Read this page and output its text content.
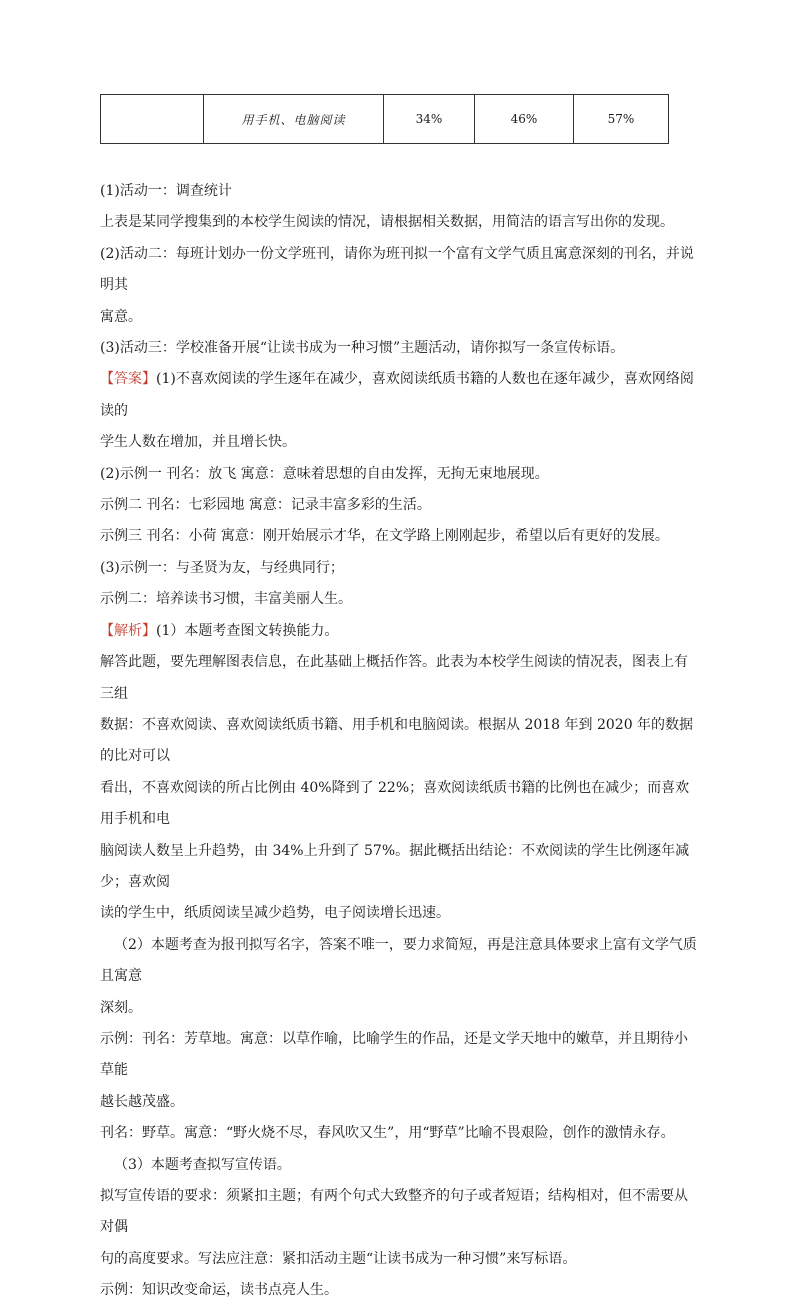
	用手机、电脑阅读	34%	46%	57%

(1)活动一：调查统计

上表是某同学搜集到的本校学生阅读的情况，请根据相关数据，用简洁的语言写出你的发现。

(2)活动二：每班计划办一份文学班刊，请你为班刊拟一个富有文学气质且寓意深刻的刊名，并说明其

寓意。

(3)活动三：学校准备开展“让读书成为一种习惯”主题活动，请你拟写一条宣传标语。

【答案】(1)不喜欢阅读的学生逐年在减少，喜欢阅读纸质书籍的人数也在逐年减少，喜欢网络阅读的

学生人数在增加，并且增长快。

(2)示例一 刊名：放飞 寓意：意味着思想的自由发挥，无拘无束地展现。

示例二 刊名：七彩园地 寓意：记录丰富多彩的生活。

示例三 刊名：小荷 寓意：刚开始展示才华，在文学路上刚刚起步，希望以后有更好的发展。

(3)示例一：与圣贤为友，与经典同行；

示例二：培养读书习惯，丰富美丽人生。

【解析】(1）本题考查图文转换能力。

解答此题，要先理解图表信息，在此基础上概括作答。此表为本校学生阅读的情况表，图表上有三组

数据：不喜欢阅读、喜欢阅读纸质书籍、用手机和电脑阅读。根据从 2018 年到 2020 年的数据的比对可以

看出，不喜欢阅读的所占比例由 40%降到了 22%；喜欢阅读纸质书籍的比例也在减少；而喜欢用手机和电

脑阅读人数呈上升趋势，由 34%上升到了 57%。据此概括出结论：不欢阅读的学生比例逐年减少；喜欢阅

读的学生中，纸质阅读呈减少趋势，电子阅读增长迅速。

（2）本题考查为报刊拟写名字，答案不唯一，要力求简短，再是注意具体要求上富有文学气质且寓意

深刻。

示例：刊名：芳草地。寓意：以草作喻，比喻学生的作品，还是文学天地中的嫩草，并且期待小草能

越长越茂盛。

刊名：野草。寓意：“野火烧不尽，春风吹又生”，用“野草”比喻不畏艰险，创作的激情永存。

（3）本题考查拟写宣传语。

拟写宣传语的要求：须紧扣主题；有两个句式大致整齐的句子或者短语；结构相对，但不需要从对偶

句的高度要求。写法应注意：紧扣活动主题“让读书成为一种习惯”来写标语。

示例：知识改变命运，读书点亮人生。
